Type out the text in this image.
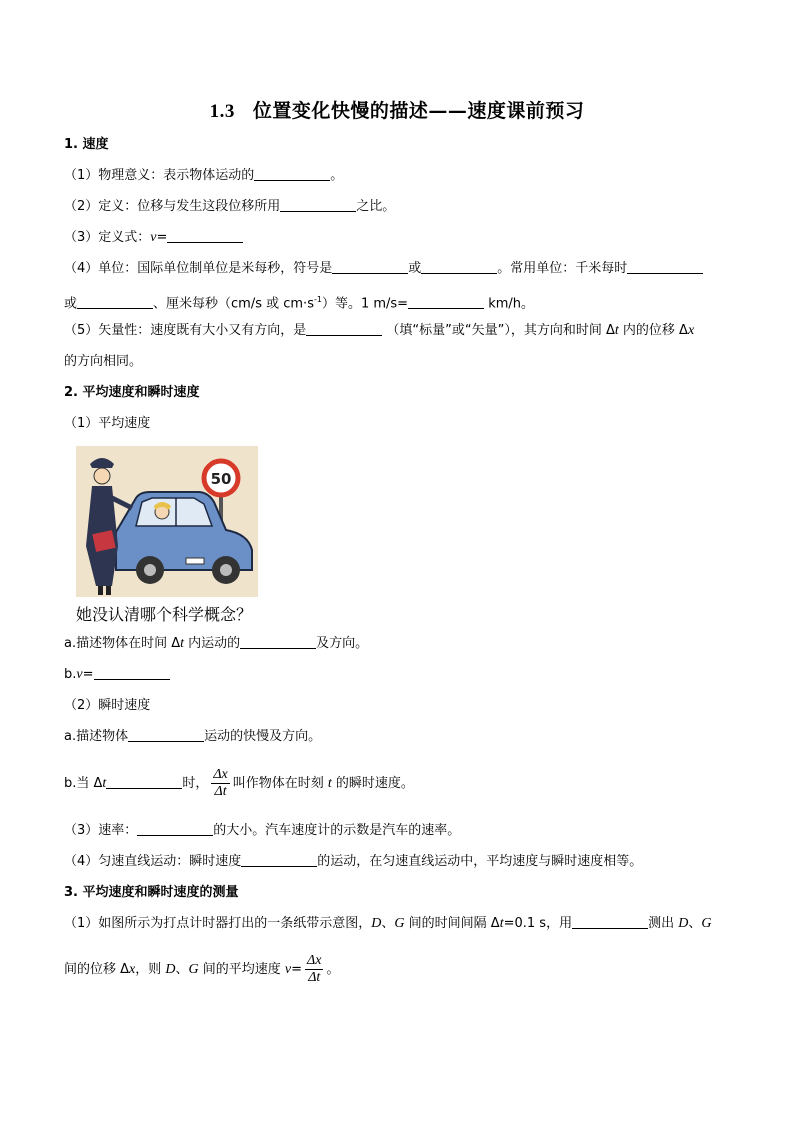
1.3 位置变化快慢的描述——速度课前预习
1. 速度
（1）物理意义：表示物体运动的	。
（2）定义：位移与发生这段位移所用	之比。
（3）定义式：v=
（4）单位：国际单位制单位是米每秒，符号是	或	。常用单位：千米每时
或	、厘米每秒（cm/s 或 $cm\cdot s^{-1}$）等。1 m/s=	km/h。
（5）矢量性：速度既有大小又有方向，是	（填“标量”或“矢量”），其方向和时间 Δt 内的位移 Δx
的方向相同。
2. 平均速度和瞬时速度
（1）平均速度
50
她没认清哪个科学概念？
a.描述物体在时间 Δt 内运动的	及方向。
b.v=
（2）瞬时速度
a.描述物体	运动的快慢及方向。
b.当 Δt	时， $\frac{\Delta x}{\Delta t}$ 叫作物体在时刻 t 的瞬时速度。
（3）速率：	的大小。汽车速度计的示数是汽车的速率。
（4）匀速直线运动：瞬时速度	的运动，在匀速直线运动中，平均速度与瞬时速度相等。
3. 平均速度和瞬时速度的测量
（1）如图所示为打点计时器打出的一条纸带示意图，D、G 间的时间间隔 Δt=0.1 s，用	测出 D、G
间的位移 Δx，则 D、G 间的平均速度 $v= \frac{\Delta x}{\Delta t}$ 。
